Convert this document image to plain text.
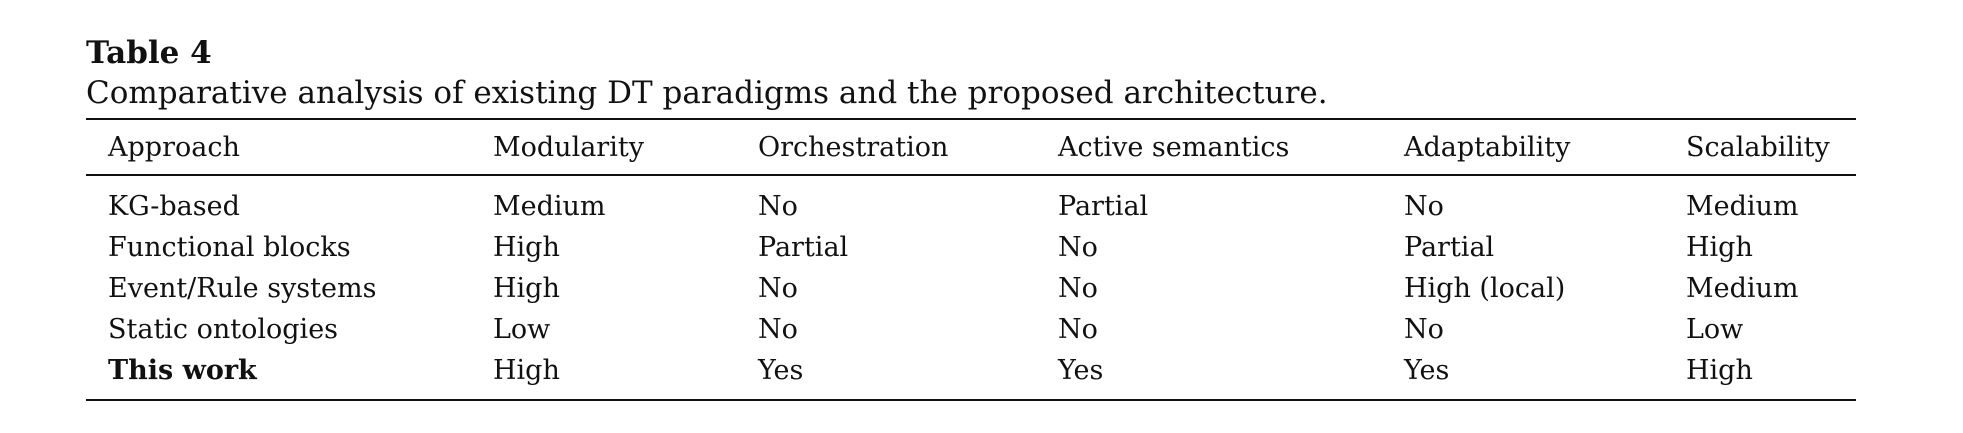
Table 4
Comparative analysis of existing DT paradigms and the proposed architecture.
Approach	Modularity	Orchestration	Active semantics	Adaptability	Scalability
KG-based	Medium	No	Partial	No	Medium
Functional blocks	High	Partial	No	Partial	High
Event/Rule systems	High	No	No	High (local)	Medium
Static ontologies	Low	No	No	No	Low
This work	High	Yes	Yes	Yes	High
